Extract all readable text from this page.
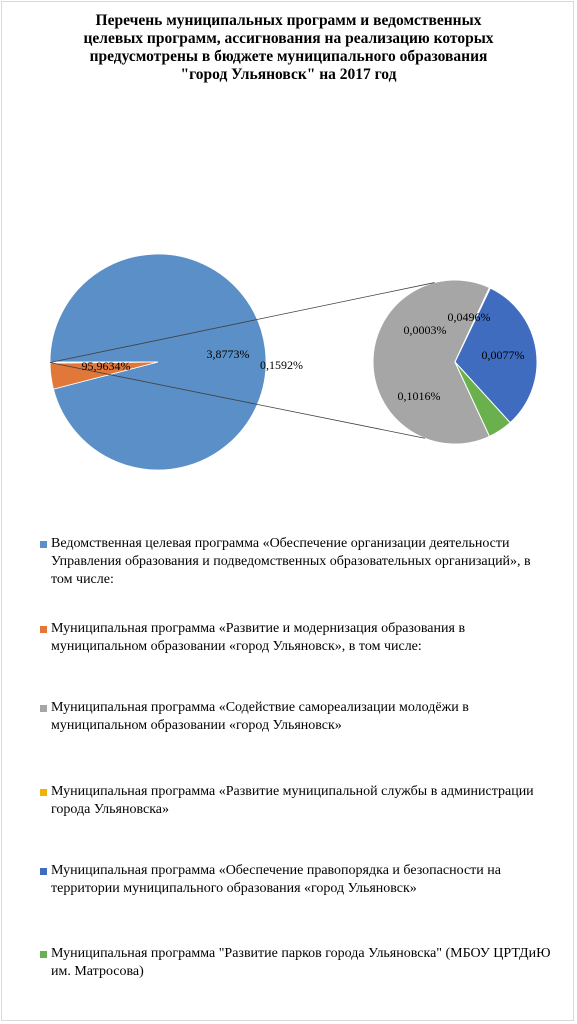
Перечень муниципальных программ и ведомственных
целевых программ, ассигнования на реализацию которых
предусмотрены в бюджете муниципального образования
"город Ульяновск" на 2017 год
95,9634%
3,8773%
0,1592%
0,1016%
0,0003%
0,0496%
0,0077%
Ведомственная целевая программа «Обеспечение организации деятельности Управления образования и подведомственных образовательных организаций», в том числе:
Муниципальная программа «Развитие и модернизация образования в муниципальном образовании «город Ульяновск», в том числе:
Муниципальная программа «Содействие самореализации молодёжи в муниципальном образовании «город Ульяновск»
Муниципальная программа «Развитие муниципальной службы в администрации города Ульяновска»
Муниципальная программа «Обеспечение правопорядка и безопасности на территории муниципального образования «город Ульяновск»
Муниципальная программа "Развитие парков города Ульяновска" (МБОУ ЦРТДиЮ им. Матросова)
